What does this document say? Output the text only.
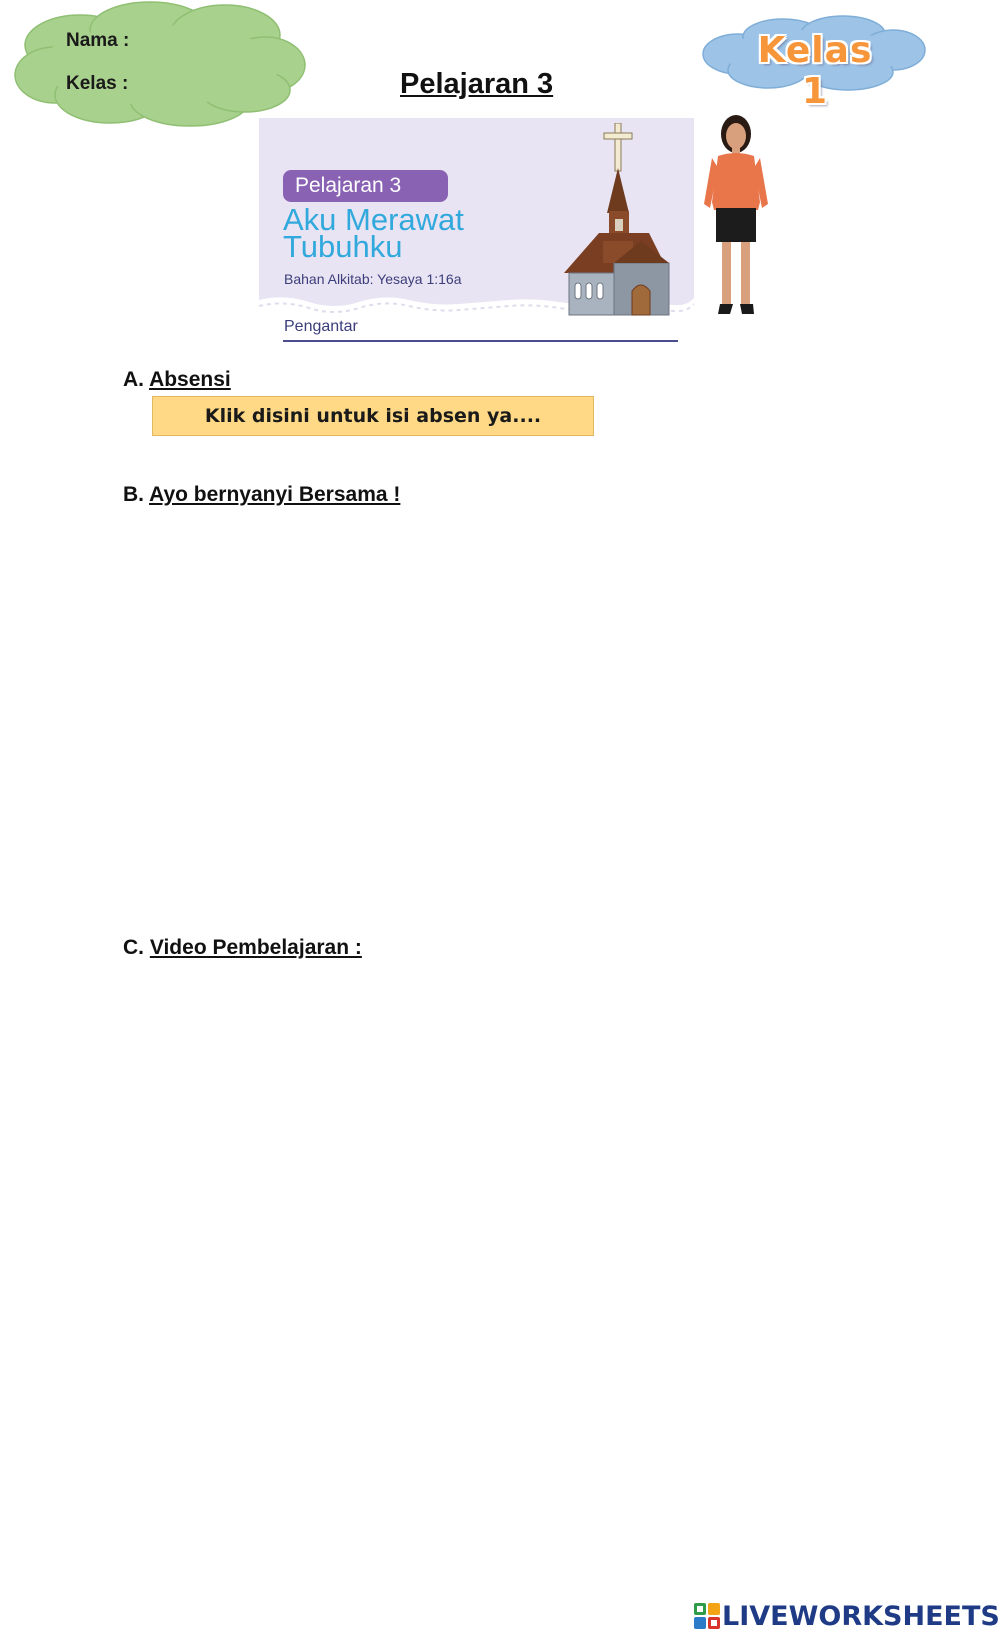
Nama :
Kelas :
Kelas 1
Pelajaran 3
Pelajaran 3
Aku Merawat
Tubuhku
Bahan Alkitab: Yesaya 1:16a
Pengantar
A. Absensi
Klik disini untuk isi absen ya....
B. Ayo bernyanyi Bersama !
C. Video Pembelajaran :
LIVEWORKSHEETS
